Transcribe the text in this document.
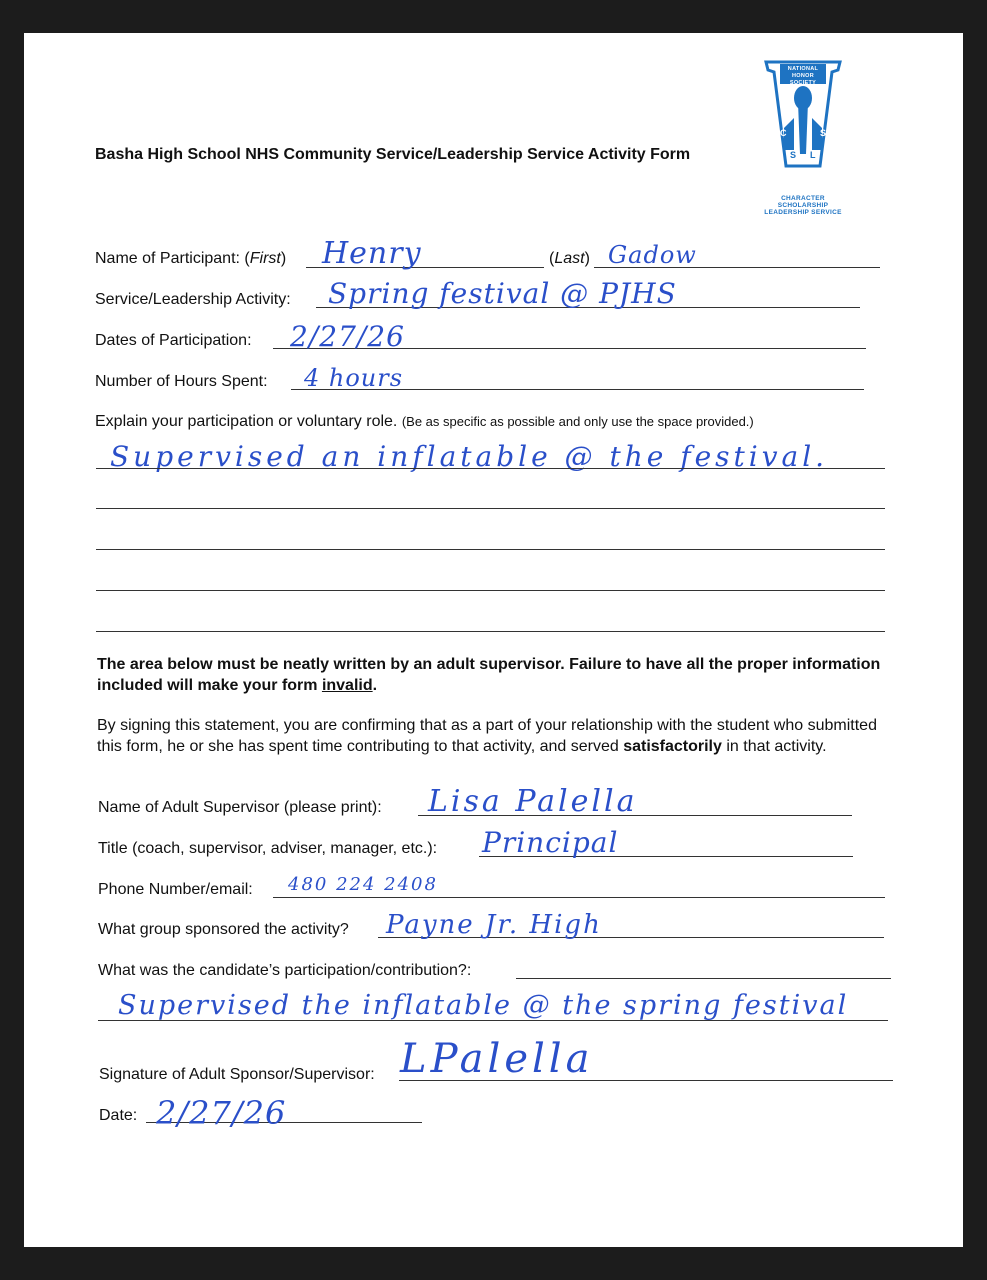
Basha High School NHS Community Service/Leadership Service Activity Form
C
S L
S
NATIONAL HONOR SOCIETY
CHARACTER SCHOLARSHIP LEADERSHIP SERVICE
Name of Participant: (First) Henry	(Last) Gadow
Service/Leadership Activity: Spring festival @ PJHS
Dates of Participation: 2/27/26
Number of Hours Spent: 4 hours
Explain your participation or voluntary role. (Be as specific as possible and only use the space provided.)
Supervised an inflatable @ the festival.
The area below must be neatly written by an adult supervisor. Failure to have all the proper information included will make your form invalid.
By signing this statement, you are confirming that as a part of your relationship with the student who submitted this form, he or she has spent time contributing to that activity, and served satisfactorily in that activity.
Name of Adult Supervisor (please print): Lisa Palella
Title (coach, supervisor, adviser, manager, etc.): Principal
Phone Number/email: 480 224 2408
What group sponsored the activity? Payne Jr. High
What was the candidate’s participation/contribution?:
Supervised the inflatable @ the spring festival
Signature of Adult Sponsor/Supervisor: LPalella
Date: 2/27/26
